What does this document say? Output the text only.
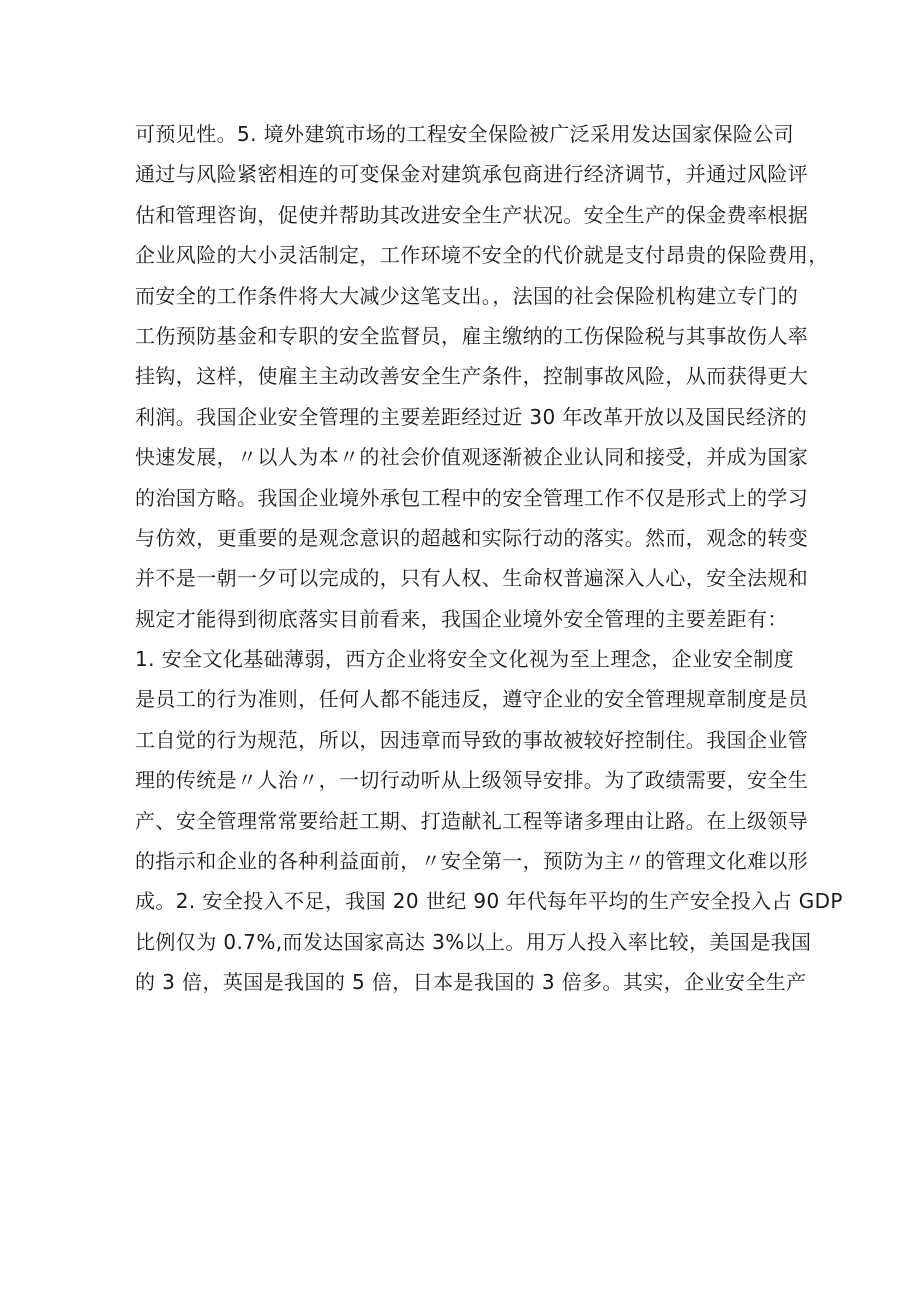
可预见性。5. 境外建筑市场的工程安全保险被广泛采用发达国家保险公司
通过与风险紧密相连的可变保金对建筑承包商进行经济调节，并通过风险评
估和管理咨询，促使并帮助其改进安全生产状况。安全生产的保金费率根据
企业风险的大小灵活制定，工作环境不安全的代价就是支付昂贵的保险费用，
而安全的工作条件将大大减少这笔支出。，法国的社会保险机构建立专门的
工伤预防基金和专职的安全监督员，雇主缴纳的工伤保险税与其事故伤人率
挂钩，这样，使雇主主动改善安全生产条件，控制事故风险，从而获得更大
利润。我国企业安全管理的主要差距经过近 30 年改革开放以及国民经济的
快速发展，〃以人为本〃的社会价值观逐渐被企业认同和接受，并成为国家
的治国方略。我国企业境外承包工程中的安全管理工作不仅是形式上的学习
与仿效，更重要的是观念意识的超越和实际行动的落实。然而，观念的转变
并不是一朝一夕可以完成的，只有人权、生命权普遍深入人心，安全法规和
规定才能得到彻底落实目前看来，我国企业境外安全管理的主要差距有：
1. 安全文化基础薄弱，西方企业将安全文化视为至上理念，企业安全制度
是员工的行为准则，任何人都不能违反，遵守企业的安全管理规章制度是员
工自觉的行为规范，所以，因违章而导致的事故被较好控制住。我国企业管
理的传统是〃人治〃，一切行动听从上级领导安排。为了政绩需要，安全生
产、安全管理常常要给赶工期、打造献礼工程等诸多理由让路。在上级领导
的指示和企业的各种利益面前，〃安全第一，预防为主〃的管理文化难以形
成。2. 安全投入不足，我国 20 世纪 90 年代每年平均的生产安全投入占 GDP
比例仅为 0.7%,而发达国家高达 3%以上。用万人投入率比较，美国是我国
的 3 倍，英国是我国的 5 倍，日本是我国的 3 倍多。其实，企业安全生产
